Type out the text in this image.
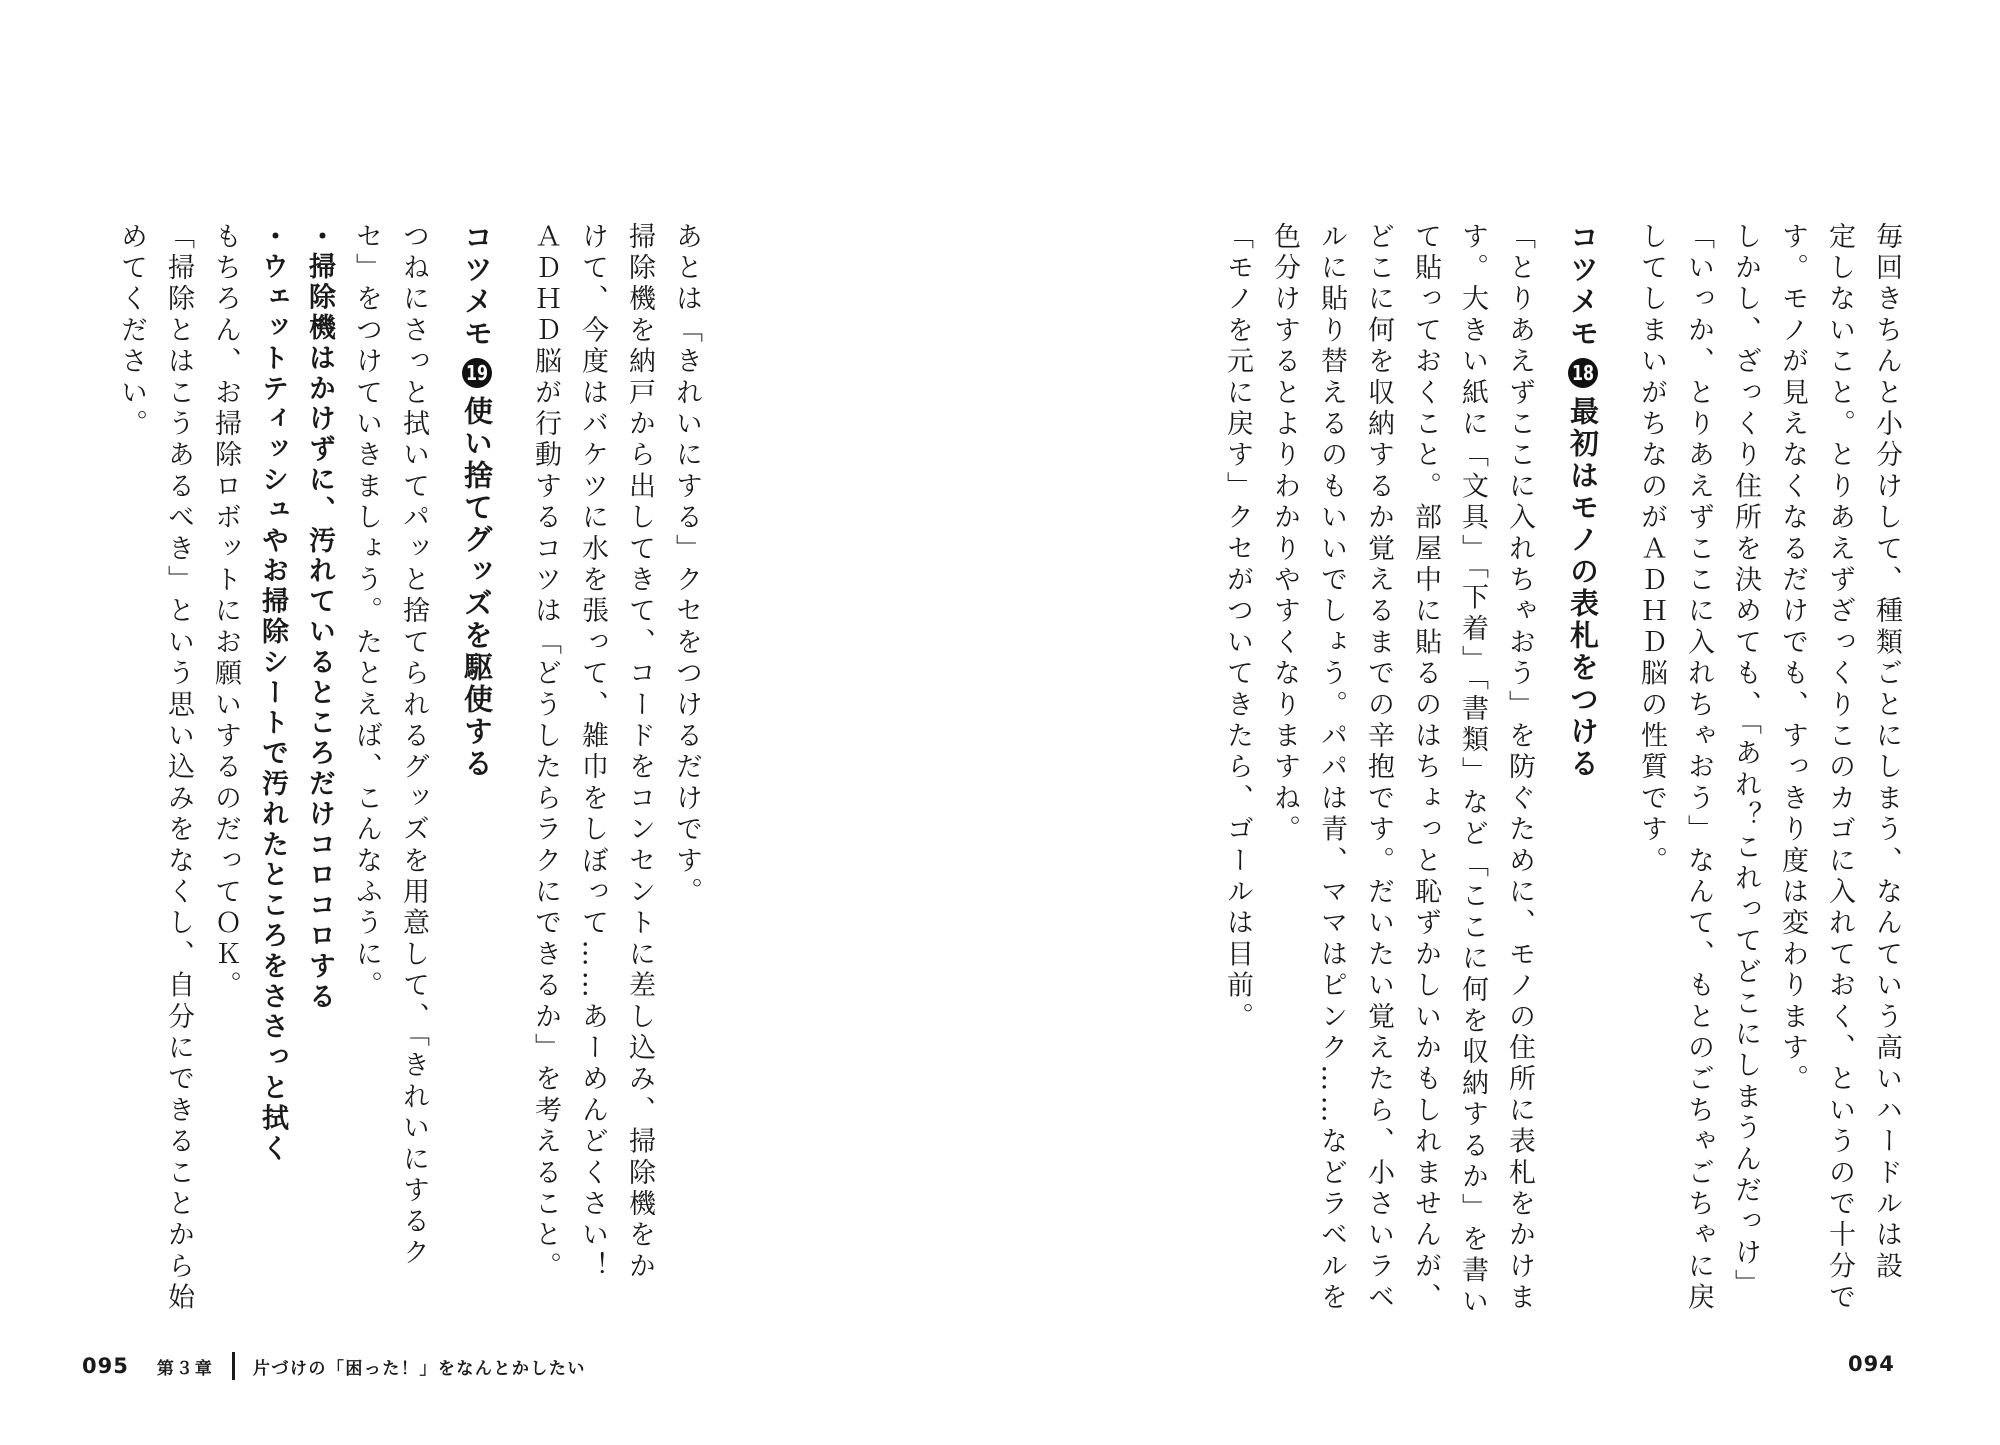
毎回きちんと小分けして、種類ごとにしまう、なんていう高いハードルは設
定しないこと。とりあえずざっくりこのカゴに入れておく、というので十分で
す。モノが見えなくなるだけでも、すっきり度は変わります。

しかし、ざっくり住所を決めても、「あれ？これってどこにしまうんだっけ」
「いっか、とりあえずここに入れちゃおう」なんて、もとのごちゃごちゃに戻
してしまいがちなのがＡＤＨＤ脳の性質です。

コツメモ18最初はモノの表札をつける

「とりあえずここに入れちゃおう」を防ぐために、モノの住所に表札をかけま
す。大きい紙に「文具」「下着」「書類」など「ここに何を収納するか」を書い
て貼っておくこと。部屋中に貼るのはちょっと恥ずかしいかもしれませんが、
どこに何を収納するか覚えるまでの辛抱です。だいたい覚えたら、小さいラベ
ルに貼り替えるのもいいでしょう。パパは青、ママはピンク……などラベルを
色分けするとよりわかりやすくなりますね。

「モノを元に戻す」クセがついてきたら、ゴールは目前。

あとは「きれいにする」クセをつけるだけです。

掃除機を納戸から出してきて、コードをコンセントに差し込み、掃除機をか
けて、今度はバケツに水を張って、雑巾をしぼって……あーめんどくさい！
ＡＤＨＤ脳が行動するコツは「どうしたらラクにできるか」を考えること。

コツメモ19使い捨てグッズを駆使する

つねにさっと拭いてパッと捨てられるグッズを用意して、「きれいにするク
セ」をつけていきましょう。たとえば、こんなふうに。

・掃除機はかけずに、汚れているところだけコロコロする

・ウェットティッシュやお掃除シートで汚れたところをささっと拭く

もちろん、お掃除ロボットにお願いするのだってＯＫ。

「掃除とはこうあるべき」という思い込みをなくし、自分にできることから始
めてください。

095 第３章 片づけの「困った！」をなんとかしたい	094
